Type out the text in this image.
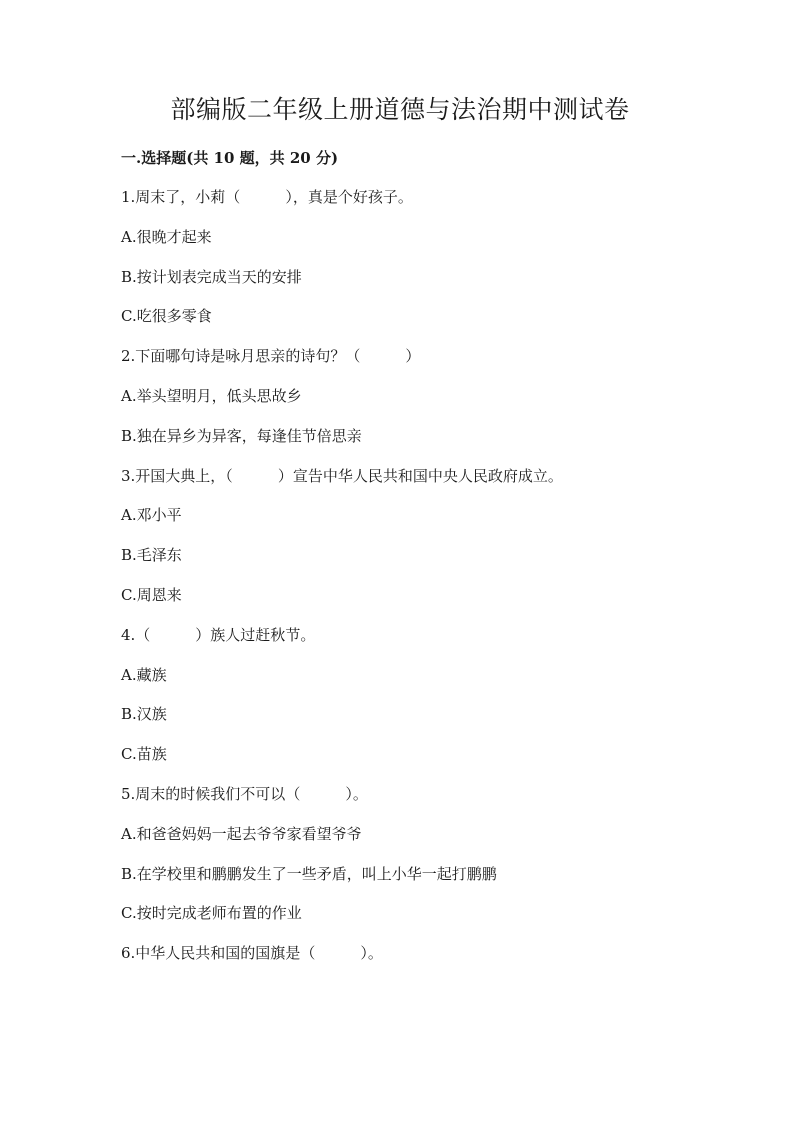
部编版二年级上册道德与法治期中测试卷
一.选择题(共 10 题，共 20 分)
1.周末了，小莉（　　　），真是个好孩子。
A.很晚才起来
B.按计划表完成当天的安排
C.吃很多零食
2.下面哪句诗是咏月思亲的诗句？（　　　）
A.举头望明月，低头思故乡
B.独在异乡为异客，每逢佳节倍思亲
3.开国大典上，（　　　）宣告中华人民共和国中央人民政府成立。
A.邓小平
B.毛泽东
C.周恩来
4.（　　　）族人过赶秋节。
A.藏族
B.汉族
C.苗族
5.周末的时候我们不可以（　　　）。
A.和爸爸妈妈一起去爷爷家看望爷爷
B.在学校里和鹏鹏发生了一些矛盾，叫上小华一起打鹏鹏
C.按时完成老师布置的作业
6.中华人民共和国的国旗是（　　　）。
